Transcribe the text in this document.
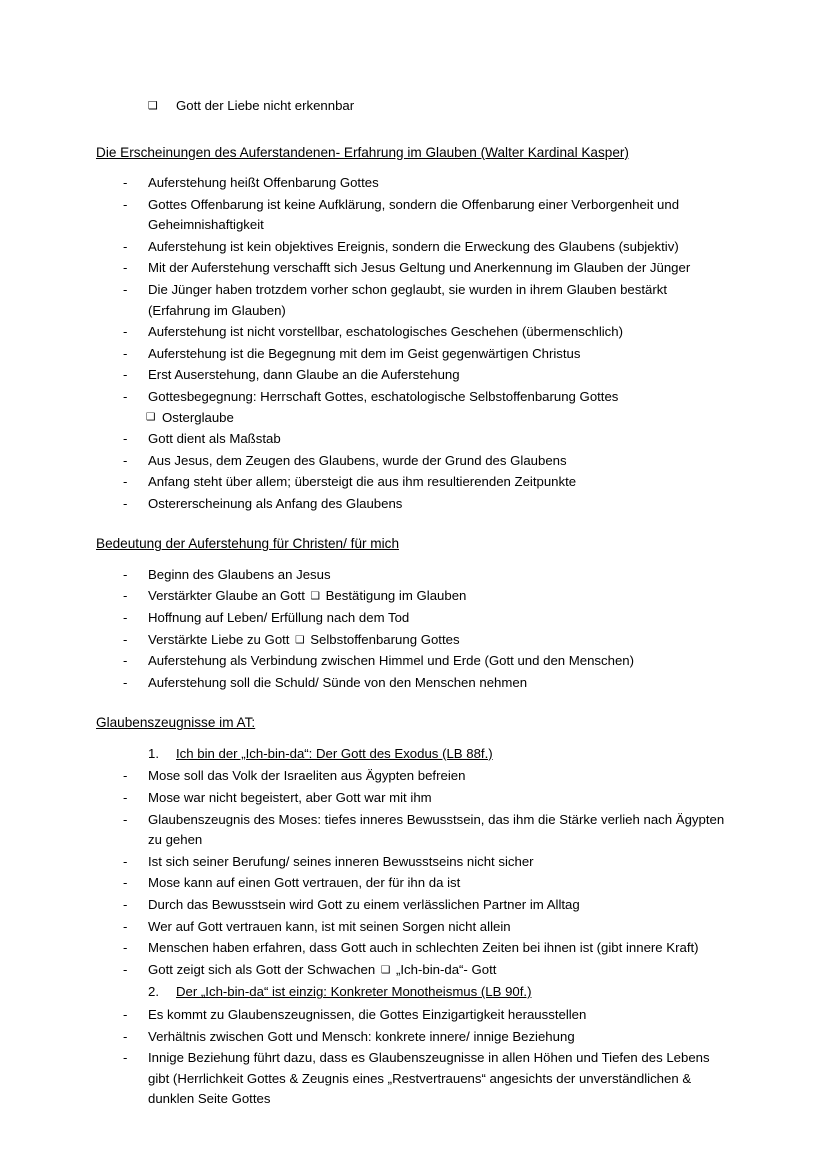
❑ Gott der Liebe nicht erkennbar
Die Erscheinungen des Auferstandenen- Erfahrung im Glauben (Walter Kardinal Kasper)
- Auferstehung heißt Offenbarung Gottes
- Gottes Offenbarung ist keine Aufklärung, sondern die Offenbarung einer Verborgenheit und Geheimnishaftigkeit
- Auferstehung ist kein objektives Ereignis, sondern die Erweckung des Glaubens (subjektiv)
- Mit der Auferstehung verschafft sich Jesus Geltung und Anerkennung im Glauben der Jünger
- Die Jünger haben trotzdem vorher schon geglaubt, sie wurden in ihrem Glauben bestärkt (Erfahrung im Glauben)
- Auferstehung ist nicht vorstellbar, eschatologisches Geschehen (übermenschlich)
- Auferstehung ist die Begegnung mit dem im Geist gegenwärtigen Christus
- Erst Auserstehung, dann Glaube an die Auferstehung
- Gottesbegegnung: Herrschaft Gottes, eschatologische Selbstoffenbarung Gottes
❑ Osterglaube
- Gott dient als Maßstab
- Aus Jesus, dem Zeugen des Glaubens, wurde der Grund des Glaubens
- Anfang steht über allem; übersteigt die aus ihm resultierenden Zeitpunkte
- Ostererscheinung als Anfang des Glaubens
Bedeutung der Auferstehung für Christen/ für mich
- Beginn des Glaubens an Jesus
- Verstärkter Glaube an Gott ❑ Bestätigung im Glauben
- Hoffnung auf Leben/ Erfüllung nach dem Tod
- Verstärkte Liebe zu Gott ❑ Selbstoffenbarung Gottes
- Auferstehung als Verbindung zwischen Himmel und Erde (Gott und den Menschen)
- Auferstehung soll die Schuld/ Sünde von den Menschen nehmen
Glaubenszeugnisse im AT:
1. Ich bin der „Ich-bin-da“: Der Gott des Exodus (LB 88f.)
- Mose soll das Volk der Israeliten aus Ägypten befreien
- Mose war nicht begeistert, aber Gott war mit ihm
- Glaubenszeugnis des Moses: tiefes inneres Bewusstsein, das ihm die Stärke verlieh nach Ägypten zu gehen
- Ist sich seiner Berufung/ seines inneren Bewusstseins nicht sicher
- Mose kann auf einen Gott vertrauen, der für ihn da ist
- Durch das Bewusstsein wird Gott zu einem verlässlichen Partner im Alltag
- Wer auf Gott vertrauen kann, ist mit seinen Sorgen nicht allein
- Menschen haben erfahren, dass Gott auch in schlechten Zeiten bei ihnen ist (gibt innere Kraft)
- Gott zeigt sich als Gott der Schwachen ❑ „Ich-bin-da“- Gott
2. Der „Ich-bin-da“ ist einzig: Konkreter Monotheismus (LB 90f.)
- Es kommt zu Glaubenszeugnissen, die Gottes Einzigartigkeit herausstellen
- Verhältnis zwischen Gott und Mensch: konkrete innere/ innige Beziehung
- Innige Beziehung führt dazu, dass es Glaubenszeugnisse in allen Höhen und Tiefen des Lebens gibt (Herrlichkeit Gottes & Zeugnis eines „Restvertrauens“ angesichts der unverständlichen & dunklen Seite Gottes
